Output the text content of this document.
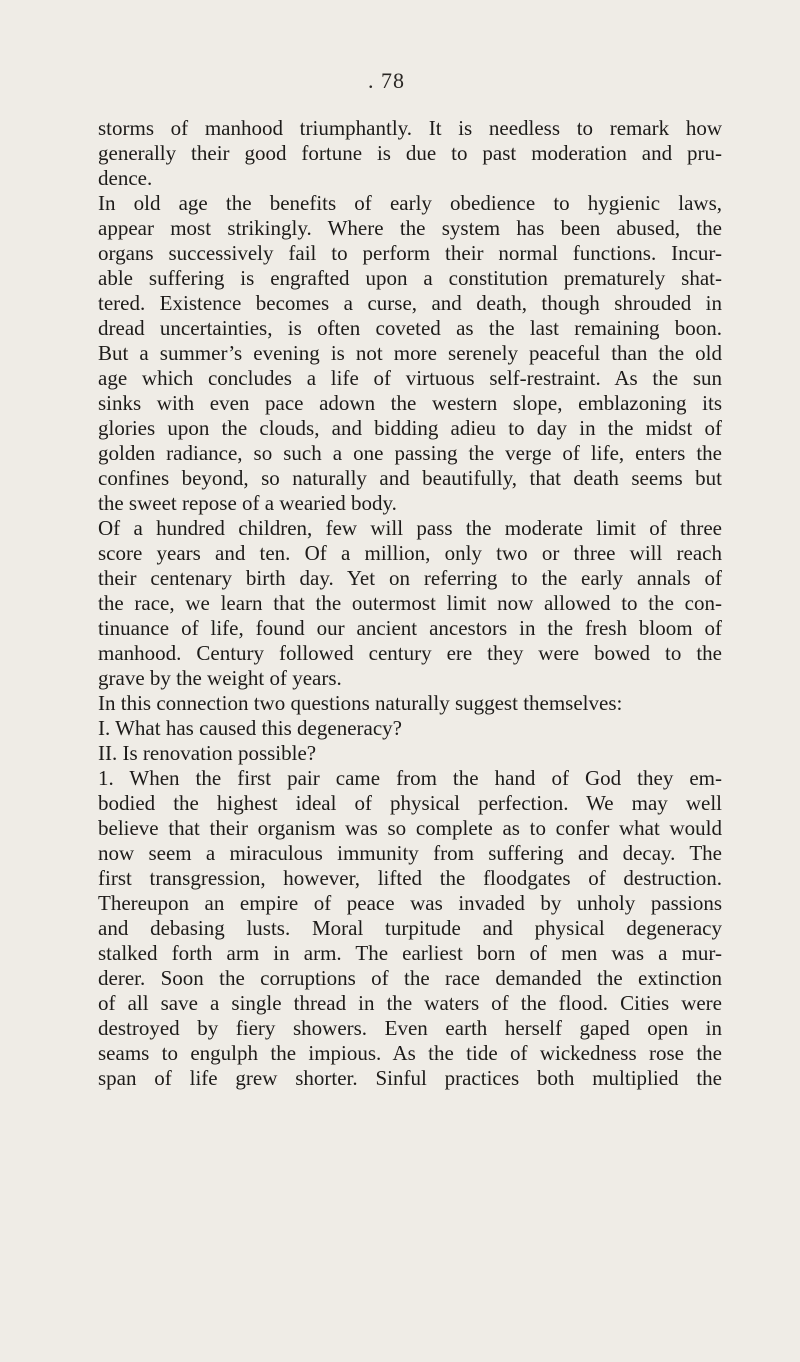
. 78
storms of manhood triumphantly. It is needless to remark how
generally their good fortune is due to past moderation and pru-
dence.
In old age the benefits of early obedience to hygienic laws,
appear most strikingly. Where the system has been abused, the
organs successively fail to perform their normal functions. Incur-
able suffering is engrafted upon a constitution prematurely shat-
tered. Existence becomes a curse, and death, though shrouded in
dread uncertainties, is often coveted as the last remaining boon.
But a summer’s evening is not more serenely peaceful than the old
age which concludes a life of virtuous self-restraint. As the sun
sinks with even pace adown the western slope, emblazoning its
glories upon the clouds, and bidding adieu to day in the midst of
golden radiance, so such a one passing the verge of life, enters the
confines beyond, so naturally and beautifully, that death seems but
the sweet repose of a wearied body.
Of a hundred children, few will pass the moderate limit of three
score years and ten. Of a million, only two or three will reach
their centenary birth day. Yet on referring to the early annals of
the race, we learn that the outermost limit now allowed to the con-
tinuance of life, found our ancient ancestors in the fresh bloom of
manhood. Century followed century ere they were bowed to the
grave by the weight of years.
In this connection two questions naturally suggest themselves:
I. What has caused this degeneracy?
II. Is renovation possible?
1. When the first pair came from the hand of God they em-
bodied the highest ideal of physical perfection. We may well
believe that their organism was so complete as to confer what would
now seem a miraculous immunity from suffering and decay. The
first transgression, however, lifted the floodgates of destruction.
Thereupon an empire of peace was invaded by unholy passions
and debasing lusts. Moral turpitude and physical degeneracy
stalked forth arm in arm. The earliest born of men was a mur-
derer. Soon the corruptions of the race demanded the extinction
of all save a single thread in the waters of the flood. Cities were
destroyed by fiery showers. Even earth herself gaped open in
seams to engulph the impious. As the tide of wickedness rose the
span of life grew shorter. Sinful practices both multiplied the
